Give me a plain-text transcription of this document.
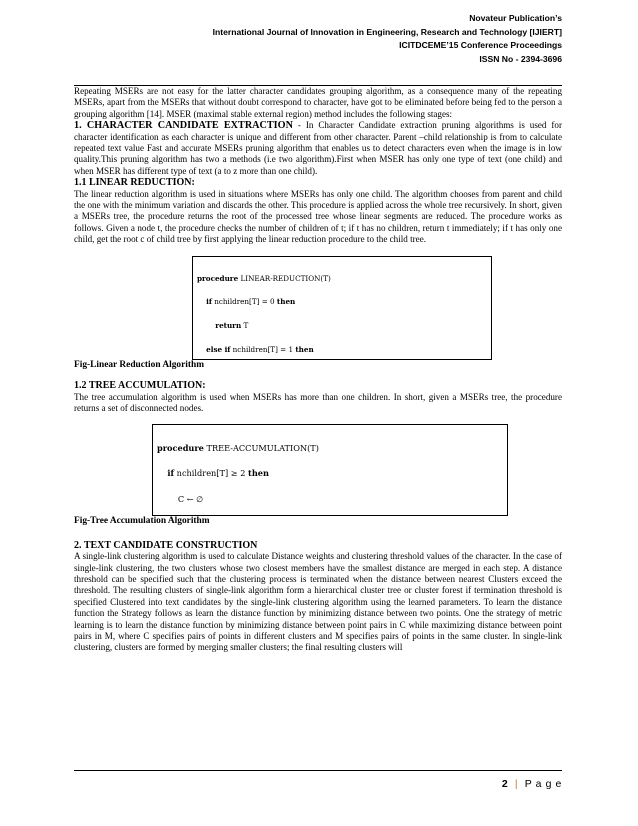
Novateur Publication’s
International Journal of Innovation in Engineering, Research and Technology [IJIERT]
ICITDCEME’15 Conference Proceedings
ISSN No - 2394-3696

Repeating MSERs are not easy for the latter character candidates grouping algorithm, as a consequence many of the repeating MSERs, apart from the MSERs that without doubt correspond to character, have got to be eliminated before being fed to the person a grouping algorithm [14]. MSER (maximal stable external region) method includes the following stages:

1. CHARACTER CANDIDATE EXTRACTION - In Character Candidate extraction pruning algorithms is used for character identification as each character is unique and different from other character. Parent –child relationship is from to calculate repeated text value Fast and accurate MSERs pruning algorithm that enables us to detect characters even when the image is in low quality.This pruning algorithm has two a methods (i.e two algorithm).First when MSER has only one type of text (one child) and when MSER has different type of text (a to z more than one child).

1.1 LINEAR REDUCTION:

The linear reduction algorithm is used in situations where MSERs has only one child. The algorithm chooses from parent and child the one with the minimum variation and discards the other. This procedure is applied across the whole tree recursively. In short, given a MSERs tree, the procedure returns the root of the processed tree whose linear segments are reduced. The procedure works as follows. Given a node t, the procedure checks the number of children of t; if t has no children, return t immediately; if t has only one child, get the root c of child tree by first applying the linear reduction procedure to the child tree.

procedure LINEAR-REDUCTION(T)

if nchildren[T] = 0 then

return T

else if nchildren[T] = 1 then

Fig-Linear Reduction Algorithm

1.2 TREE ACCUMULATION:

The tree accumulation algorithm is used when MSERs has more than one children. In short, given a MSERs tree, the procedure returns a set of disconnected nodes.

procedure TREE-ACCUMULATION(T)

if nchildren[T] ≥ 2 then

C ← ∅

Fig-Tree Accumulation Algorithm

2. TEXT CANDIDATE CONSTRUCTION

A single-link clustering algorithm is used to calculate Distance weights and clustering threshold values of the character. In the case of single-link clustering, the two clusters whose two closest members have the smallest distance are merged in each step. A distance threshold can be specified such that the clustering process is terminated when the distance between nearest Clusters exceed the threshold. The resulting clusters of single-link algorithm form a hierarchical cluster tree or cluster forest if termination threshold is specified Clustered into text candidates by the single-link clustering algorithm using the learned parameters. To learn the distance function the Strategy follows as learn the distance function by minimizing distance between two points. One the strategy of metric learning is to learn the distance function by minimizing distance between point pairs in C while maximizing distance between point pairs in M, where C specifies pairs of points in different clusters and M specifies pairs of points in the same cluster. In single-link clustering, clusters are formed by merging smaller clusters; the final resulting clusters will

2 | P a g e
